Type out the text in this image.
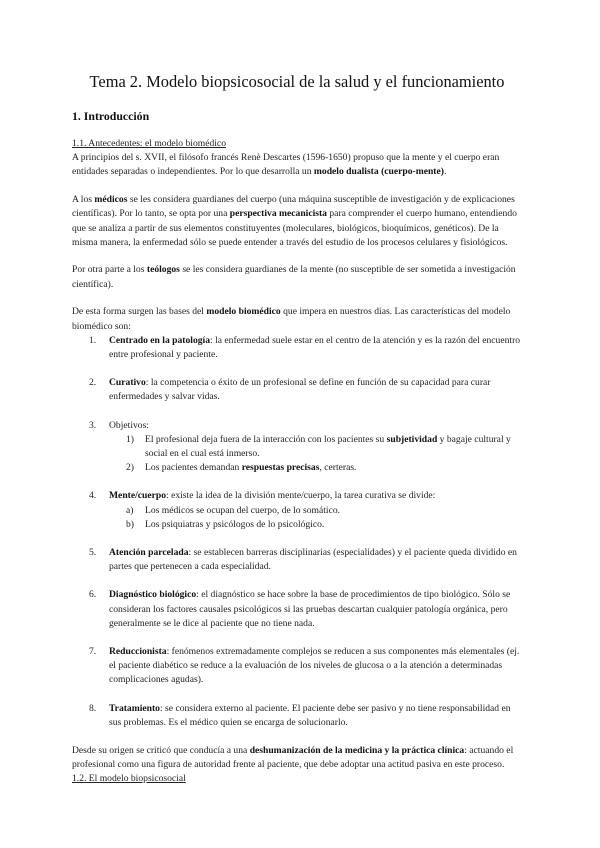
Tema 2. Modelo biopsicosocial de la salud y el funcionamiento
1. Introducción

1.1. Antecedentes: el modelo biomédico

A principios del s. XVII, el filósofo francés Renè Descartes (1596-1650) propuso que la mente y el cuerpo eran entidades separadas o independientes. Por lo que desarrolla un modelo dualista (cuerpo-mente).

A los médicos se les considera guardianes del cuerpo (una máquina susceptible de investigación y de explicaciones científicas). Por lo tanto, se opta por una perspectiva mecanicista para comprender el cuerpo humano, entendiendo que se analiza a partir de sus elementos constituyentes (moleculares, biológicos, bioquímicos, genéticos). De la misma manera, la enfermedad sólo se puede entender a través del estudio de los procesos celulares y fisiológicos.

Por otra parte a los teólogos se les considera guardianes de la mente (no susceptible de ser sometida a investigación científica).

De esta forma surgen las bases del modelo biomédico que impera en nuestros días. Las características del modelo biomédico son:

1. Centrado en la patología: la enfermedad suele estar en el centro de la atención y es la razón del encuentro entre profesional y paciente.
2. Curativo: la competencia o éxito de un profesional se define en función de su capacidad para curar enfermedades y salvar vidas.
3. Objetivos:
1) El profesional deja fuera de la interacción con los pacientes su subjetividad y bagaje cultural y social en el cual está inmerso.
2) Los pacientes demandan respuestas precisas, certeras.
4. Mente/cuerpo: existe la idea de la división mente/cuerpo, la tarea curativa se divide:
a) Los médicos se ocupan del cuerpo, de lo somático.
b) Los psiquiatras y psicólogos de lo psicológico.
5. Atención parcelada: se establecen barreras disciplinarias (especialidades) y el paciente queda dividido en partes que pertenecen a cada especialidad.
6. Diagnóstico biológico: el diagnóstico se hace sobre la base de procedimientos de tipo biológico. Sólo se consideran los factores causales psicológicos si las pruebas descartan cualquier patología orgánica, pero generalmente se le dice al paciente que no tiene nada.
7. Reduccionista: fenómenos extremadamente complejos se reducen a sus componentes más elementales (ej. el paciente diabético se reduce a la evaluación de los niveles de glucosa o a la atención a determinadas complicaciones agudas).
8. Tratamiento: se considera externo al paciente. El paciente debe ser pasivo y no tiene responsabilidad en sus problemas. Es el médico quien se encarga de solucionarlo.

Desde su origen se criticó que conducía a una deshumanización de la medicina y la práctica clínica: actuando el profesional como una figura de autoridad frente al paciente, que debe adoptar una actitud pasiva en este proceso.

1.2. El modelo biopsicosocial
